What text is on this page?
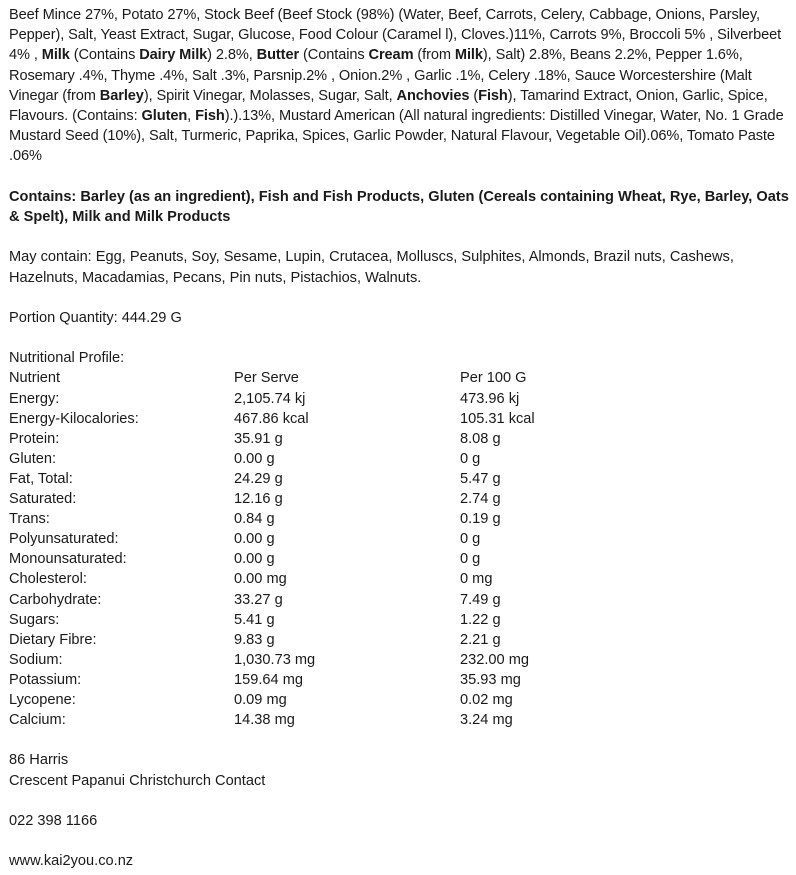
Beef Mince 27%, Potato 27%, Stock Beef (Beef Stock (98%) (Water, Beef, Carrots, Celery, Cabbage, Onions, Parsley, Pepper), Salt, Yeast Extract, Sugar, Glucose, Food Colour (Caramel l), Cloves.)11%, Carrots 9%, Broccoli 5% , Silverbeet 4% , Milk (Contains Dairy Milk) 2.8%, Butter (Contains Cream (from Milk), Salt) 2.8%, Beans 2.2%, Pepper 1.6%, Rosemary .4%, Thyme .4%, Salt .3%, Parsnip.2% , Onion.2% , Garlic .1%, Celery .18%, Sauce Worcestershire (Malt Vinegar (from Barley), Spirit Vinegar, Molasses, Sugar, Salt, Anchovies (Fish), Tamarind Extract, Onion, Garlic, Spice, Flavours. (Contains: Gluten, Fish).).13%, Mustard American (All natural ingredients: Distilled Vinegar, Water, No. 1 Grade Mustard Seed (10%), Salt, Turmeric, Paprika, Spices, Garlic Powder, Natural Flavour, Vegetable Oil).06%, Tomato Paste .06%

Contains: Barley (as an ingredient), Fish and Fish Products, Gluten (Cereals containing Wheat, Rye, Barley, Oats & Spelt), Milk and Milk Products

May contain: Egg, Peanuts, Soy, Sesame, Lupin, Crutacea, Molluscs, Sulphites, Almonds, Brazil nuts, Cashews, Hazelnuts, Macadamias, Pecans, Pin nuts, Pistachios, Walnuts.

Portion Quantity: 444.29 G

Nutritional Profile:
Nutrient	Per Serve	Per 100 G
Energy:	2,105.74 kj	473.96 kj
Energy-Kilocalories:	467.86 kcal	105.31 kcal
Protein:	35.91 g	8.08 g
Gluten:	0.00 g	0 g
Fat, Total:	24.29 g	5.47 g
Saturated:	12.16 g	2.74 g
Trans:	0.84 g	0.19 g
Polyunsaturated:	0.00 g	0 g
Monounsaturated:	0.00 g	0 g
Cholesterol:	0.00 mg	0 mg
Carbohydrate:	33.27 g	7.49 g
Sugars:	5.41 g	1.22 g
Dietary Fibre:	9.83 g	2.21 g
Sodium:	1,030.73 mg	232.00 mg
Potassium:	159.64 mg	35.93 mg
Lycopene:	0.09 mg	0.02 mg
Calcium:	14.38 mg	3.24 mg

86 Harris

Crescent Papanui Christchurch Contact

022 398 1166

www.kai2you.co.nz
